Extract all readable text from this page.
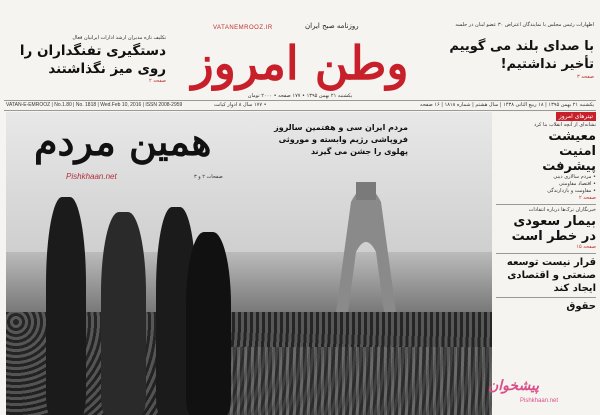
تکلیف تازه مدیران ارشد ادارات ایرانیان فعال
دستگیری تفنگداران را
روی میز نگذاشتند
صفحه ۲
VATANEMROOZ.IR	روزنامه صبح ایران
وطن امروز
یکشنبه ۲۱ بهمن ۱۳۹۵ • ۱۷۷ صفحه • ۲۰۰۰ تومان
اظهارات رئیس مجلس با نمایندگان اعتراض ۳۰ عضو لبنان در جلسه
با صدای بلند می گوییم
تأخیر نداشتیم!
صفحه ۳
VATAN-E-EMROOZ | No.1.80 | No. 1818 | Wed.Feb 10, 2016 | ISSN 2008-2959	• ۱۷۷ سال ۸ ادوار کیانت	یکشنبه ۲۱ بهمن ۱۳۹۵ | ۱۸ ربیع الثانی ۱۴۳۸ | سال هشتم | شماره ۱۸۱۸ | ۱۶ صفحه
همین مردم
Pishkhaan.net	صفحات ۲ و ۳
مردم ایران سی و هفتمین سالروز فروپاشی رژیم وابسته و موروثی پهلوی را جشن می گیرند
تیترهای امروز
نشانه‌ای از آنچه انقلاب بنا کرد
معیشت
امنیت
پیشرفت
• مردم سالاری دینی
• اقتصاد مقاومتی
• مقاومت و بازدارندگی
صفحه ۲
خبرنگاران ترک‌ها درباره انتقادات
بیمار سعودی
در خطر است
صفحه ۱۵
قرار نیست توسعه
صنعتی و اقتصادی
ایجاد کند
حقوق
پیشخوان
Pishkhaan.net
